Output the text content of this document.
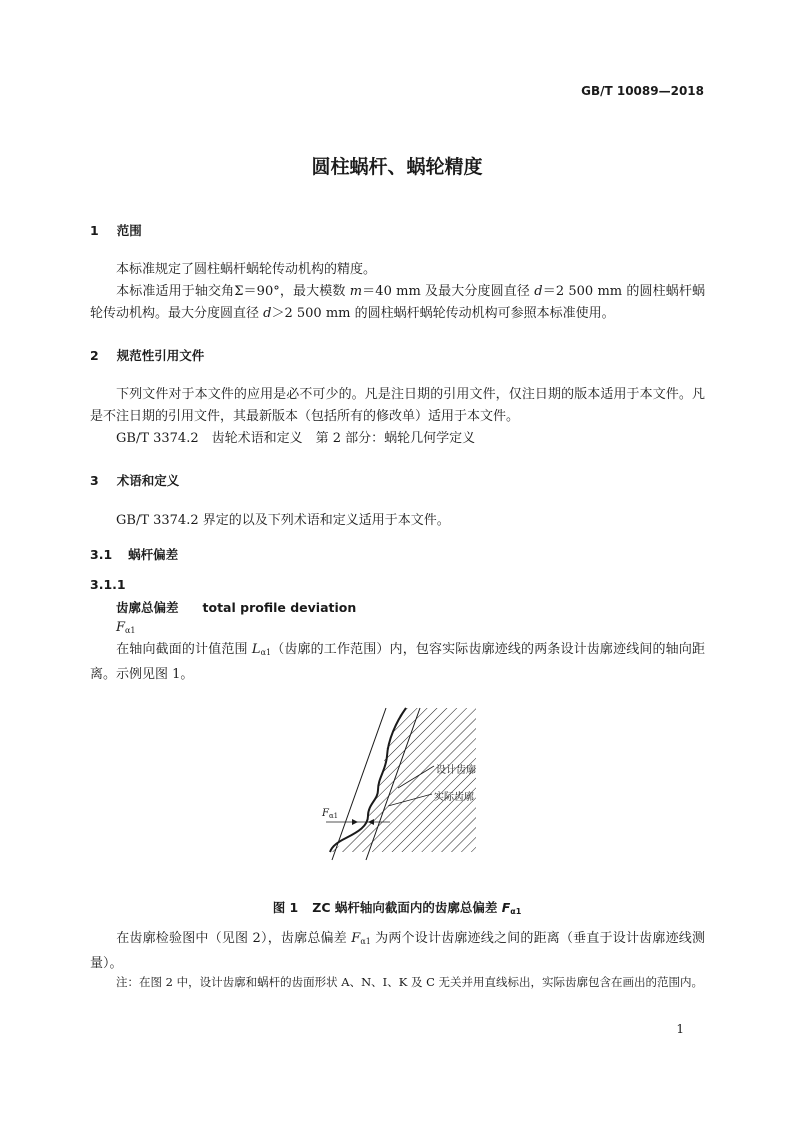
GB/T 10089—2018
圆柱蜗杆、蜗轮精度
1 范围
本标准规定了圆柱蜗杆蜗轮传动机构的精度。
本标准适用于轴交角Σ＝90°，最大模数 m＝40 mm 及最大分度圆直径 d＝2 500 mm 的圆柱蜗杆蜗轮传动机构。最大分度圆直径 d＞2 500 mm 的圆柱蜗杆蜗轮传动机构可参照本标准使用。
2 规范性引用文件
下列文件对于本文件的应用是必不可少的。凡是注日期的引用文件，仅注日期的版本适用于本文件。凡是不注日期的引用文件，其最新版本（包括所有的修改单）适用于本文件。
GB/T 3374.2　齿轮术语和定义　第 2 部分：蜗轮几何学定义
3 术语和定义
GB/T 3374.2 界定的以及下列术语和定义适用于本文件。
3.1 蜗杆偏差
3.1.1
齿廓总偏差 total profile deviation
$F_{\alpha 1}$
在轴向截面的计值范围 $L_{\alpha 1}$（齿廓的工作范围）内，包容实际齿廓迹线的两条设计齿廓迹线间的轴向距离。示例见图 1。
设计齿廓
实际齿廓
$F_{\alpha 1}$
图 1 ZC 蜗杆轴向截面内的齿廓总偏差 $F_{\alpha 1}$
在齿廓检验图中（见图 2），齿廓总偏差 $F_{\alpha 1}$ 为两个设计齿廓迹线之间的距离（垂直于设计齿廓迹线测量）。
注：在图 2 中，设计齿廓和蜗杆的齿面形状 A、N、I、K 及 C 无关并用直线标出，实际齿廓包含在画出的范围内。
1
